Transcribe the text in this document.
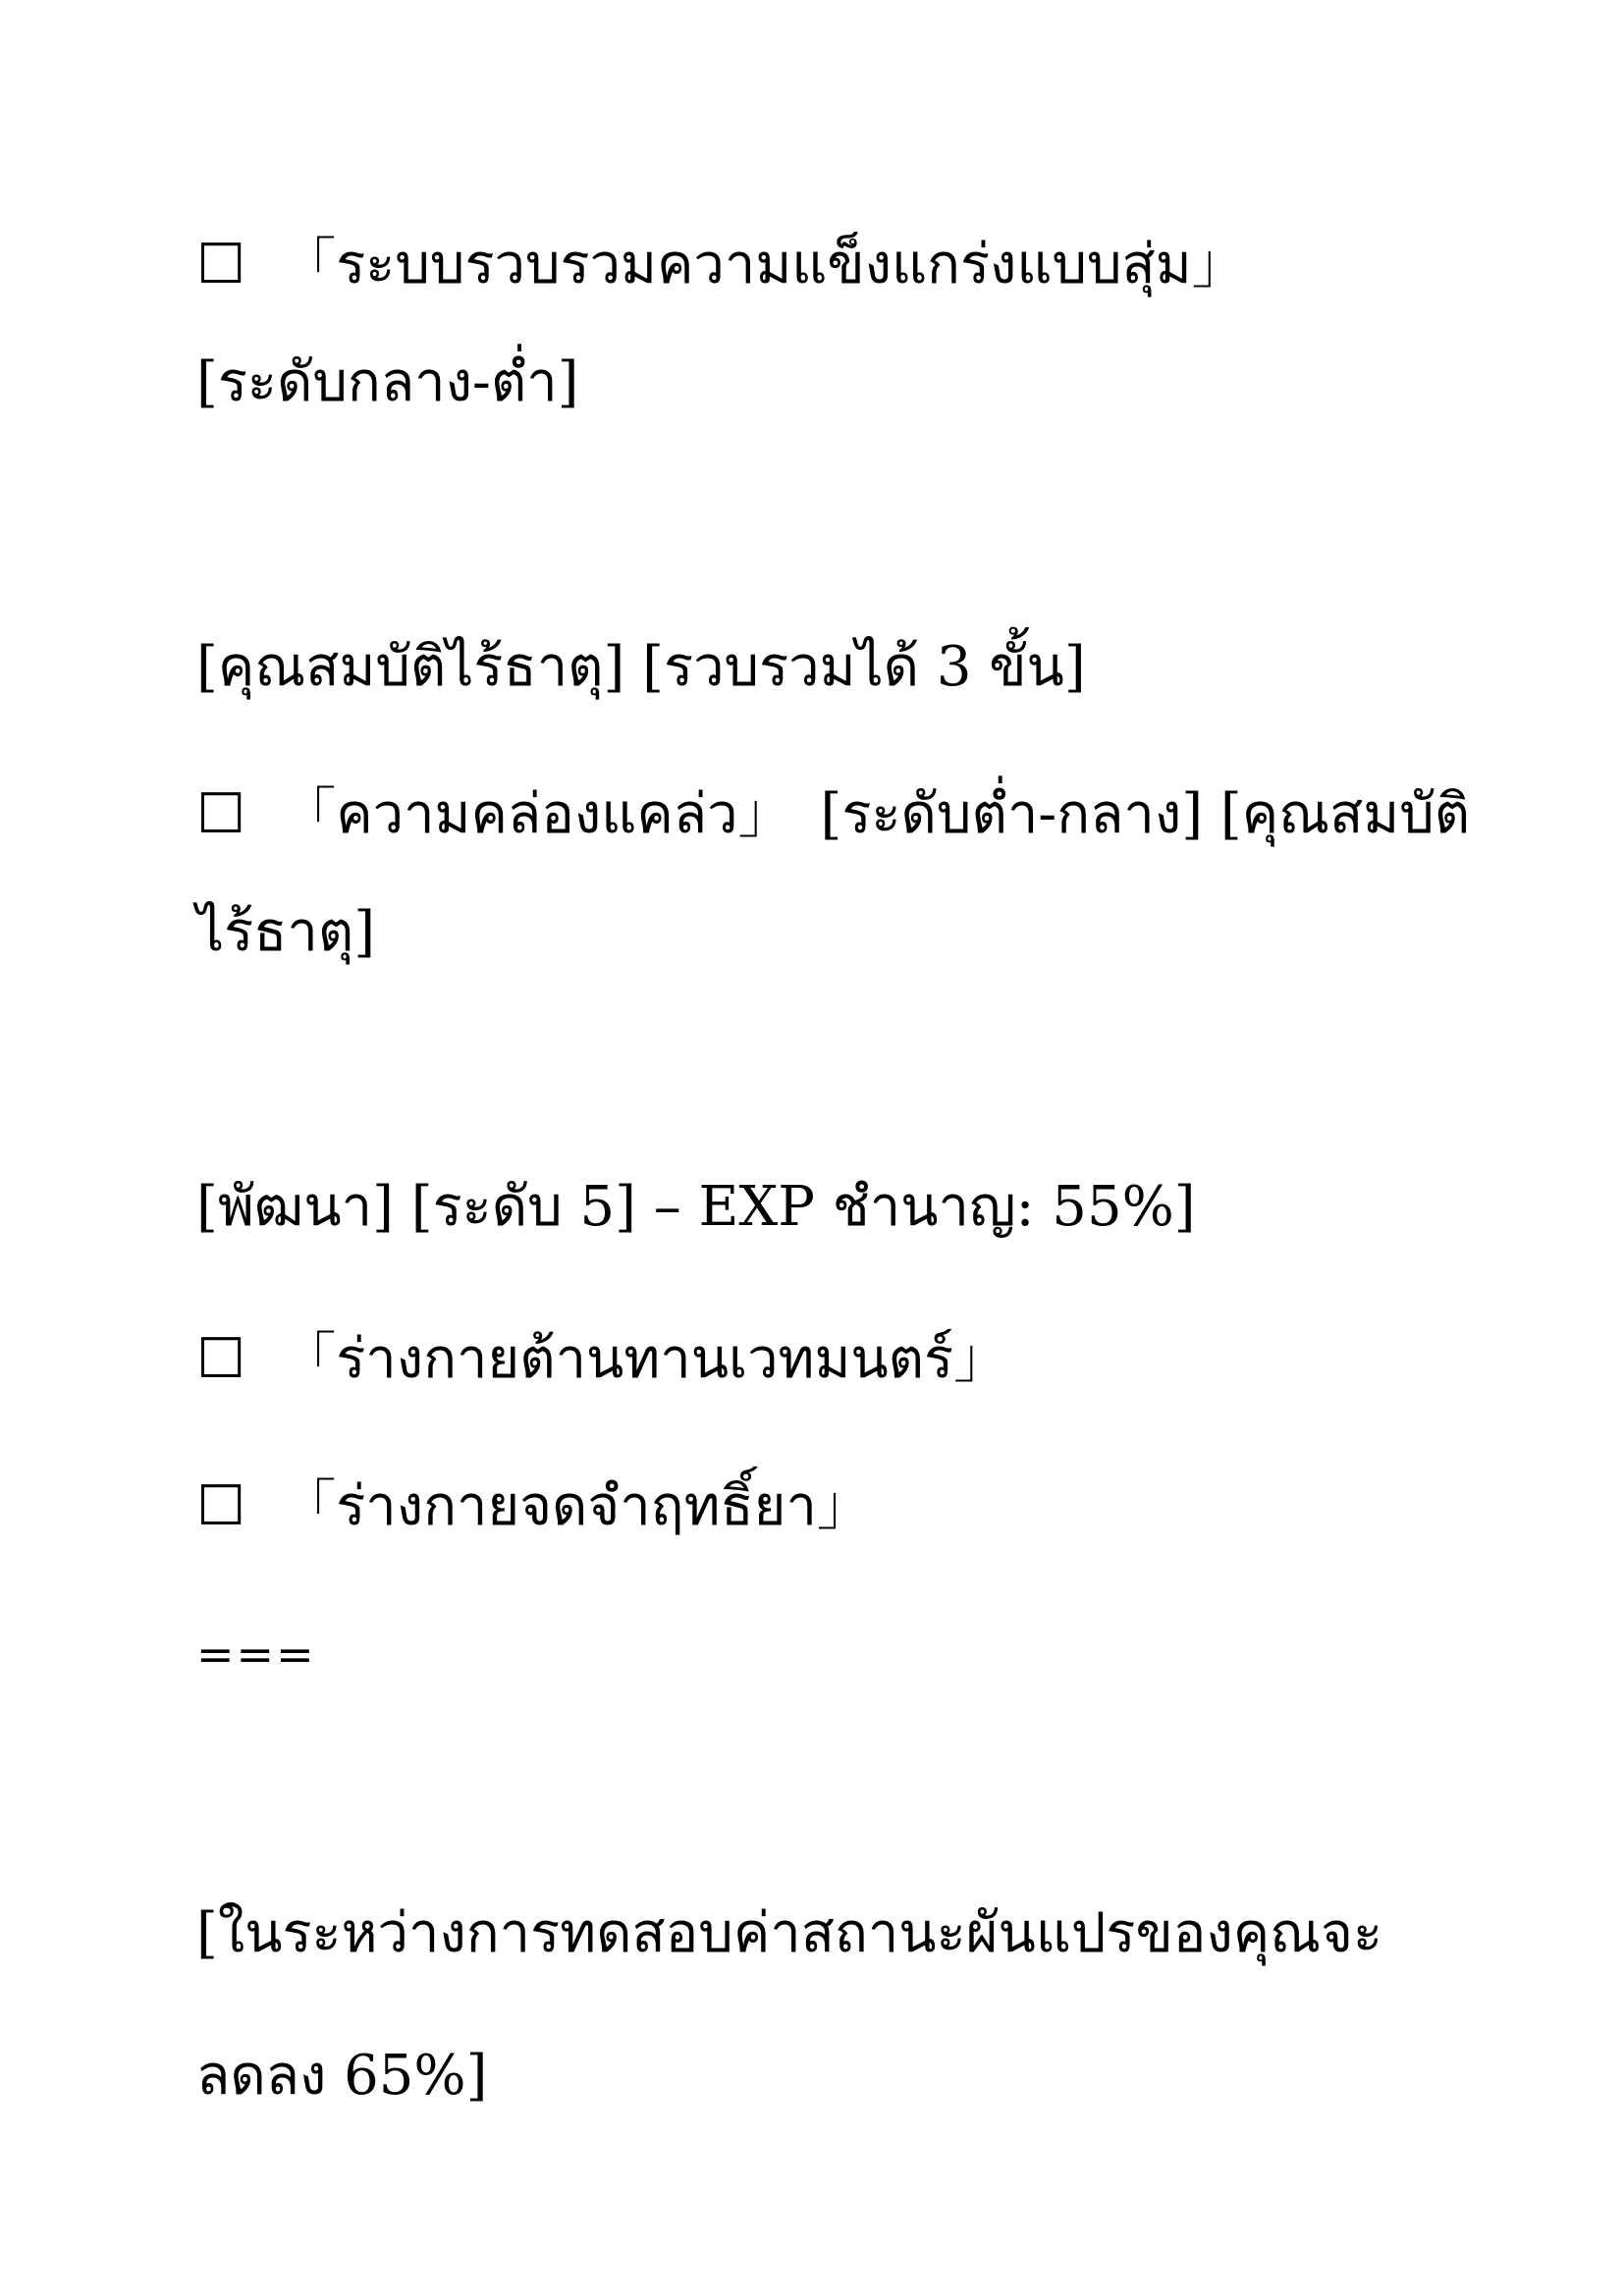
☐ 「ระบบรวบรวมความแข็งแกร่งแบบสุ่ม」
[ระดับกลาง-ต่ำ]
[คุณสมบัติไร้ธาตุ] [รวบรวมได้ 3 ขั้น]
☐ 「ความคล่องแคล่ว」　[ระดับต่ำ-กลาง] [คุณสมบัติ
ไร้ธาตุ]
[พัฒนา] [ระดับ 5] – EXP ชำนาญ: 55%]
☐ 「ร่างกายต้านทานเวทมนตร์」
☐ 「ร่างกายจดจำฤทธิ์ยา」
===
[ในระหว่างการทดสอบค่าสถานะผันแปรของคุณจะ
ลดลง 65%]
